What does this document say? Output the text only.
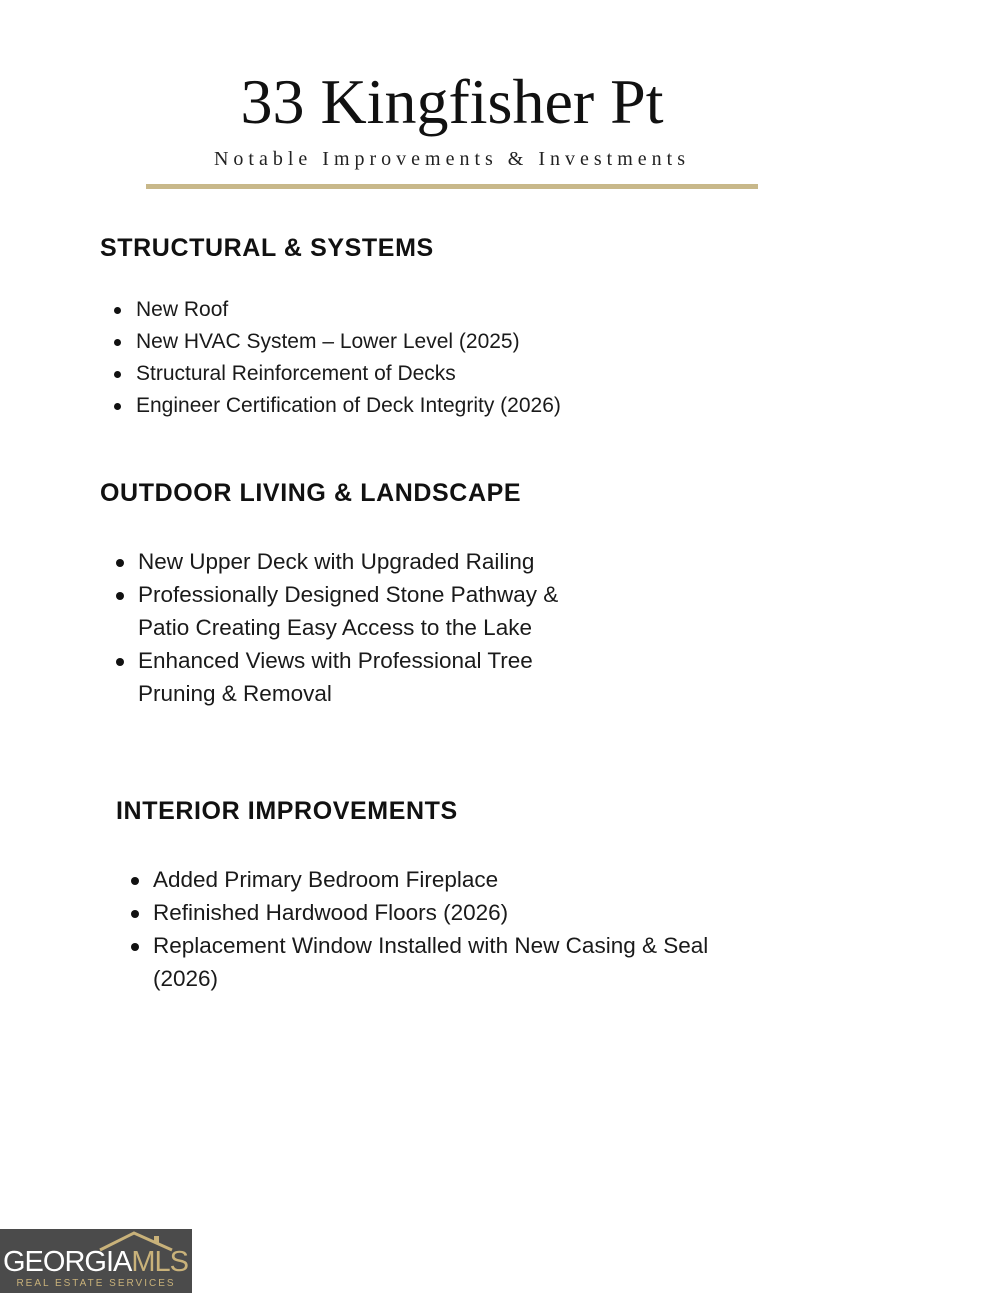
33 Kingfisher Pt
Notable Improvements & Investments
STRUCTURAL & SYSTEMS
New Roof
New HVAC System – Lower Level (2025)
Structural Reinforcement of Decks
Engineer Certification of Deck Integrity (2026)
OUTDOOR LIVING & LANDSCAPE
New Upper Deck with Upgraded Railing
Professionally Designed Stone Pathway & Patio Creating Easy Access to the Lake
Enhanced Views with Professional Tree Pruning & Removal
INTERIOR IMPROVEMENTS
Added Primary Bedroom Fireplace
Refinished Hardwood Floors (2026)
Replacement Window Installed with New Casing & Seal (2026)
GEORGIAMLS
REAL ESTATE SERVICES
